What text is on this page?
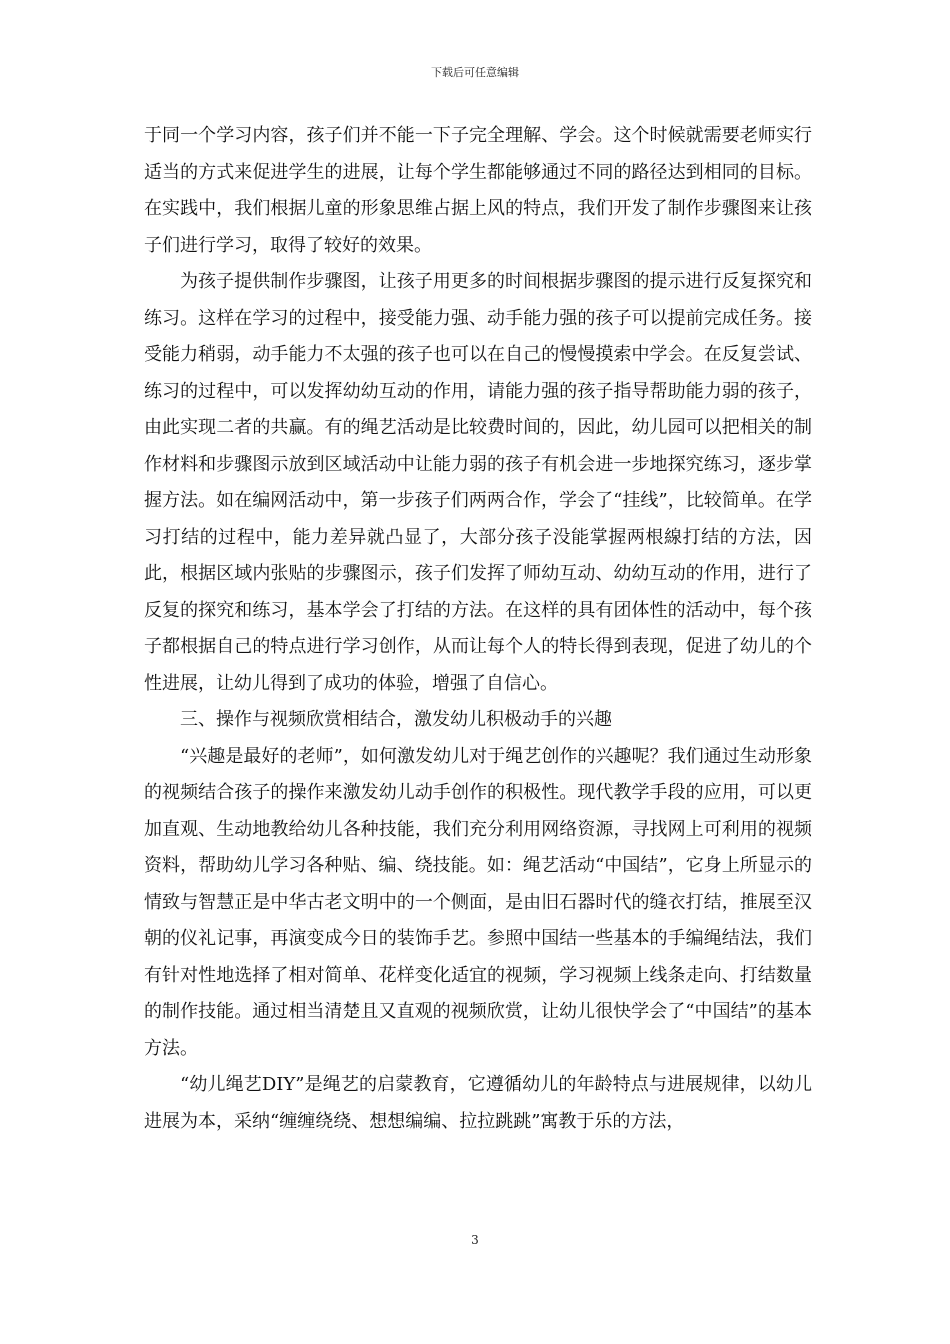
下载后可任意编辑

于同一个学习内容，孩子们并不能一下子完全理解、学会。这个时候就需要老师实行适当的方式来促进学生的进展，让每个学生都能够通过不同的路径达到相同的目标。在实践中，我们根据儿童的形象思维占据上风的特点，我们开发了制作步骤图来让孩子们进行学习，取得了较好的效果。

为孩子提供制作步骤图，让孩子用更多的时间根据步骤图的提示进行反复探究和练习。这样在学习的过程中，接受能力强、动手能力强的孩子可以提前完成任务。接受能力稍弱，动手能力不太强的孩子也可以在自己的慢慢摸索中学会。在反复尝试、练习的过程中，可以发挥幼幼互动的作用，请能力强的孩子指导帮助能力弱的孩子，由此实现二者的共赢。有的绳艺活动是比较费时间的，因此，幼儿园可以把相关的制作材料和步骤图示放到区域活动中让能力弱的孩子有机会进一步地探究练习，逐步掌握方法。如在编网活动中，第一步孩子们两两合作，学会了“挂线”，比较简单。在学习打结的过程中，能力差异就凸显了，大部分孩子没能掌握两根線打结的方法，因此，根据区域内张贴的步骤图示，孩子们发挥了师幼互动、幼幼互动的作用，进行了反复的探究和练习，基本学会了打结的方法。在这样的具有团体性的活动中，每个孩子都根据自己的特点进行学习创作，从而让每个人的特长得到表现，促进了幼儿的个性进展，让幼儿得到了成功的体验，增强了自信心。

三、操作与视频欣赏相结合，激发幼儿积极动手的兴趣

“兴趣是最好的老师”，如何激发幼儿对于绳艺创作的兴趣呢？我们通过生动形象的视频结合孩子的操作来激发幼儿动手创作的积极性。现代教学手段的应用，可以更加直观、生动地教给幼儿各种技能，我们充分利用网络资源，寻找网上可利用的视频资料，帮助幼儿学习各种贴、编、绕技能。如：绳艺活动“中国结”，它身上所显示的情致与智慧正是中华古老文明中的一个侧面，是由旧石器时代的缝衣打结，推展至汉朝的仪礼记事，再演变成今日的装饰手艺。参照中国结一些基本的手编绳结法，我们有针对性地选择了相对简单、花样变化适宜的视频，学习视频上线条走向、打结数量的制作技能。通过相当清楚且又直观的视频欣赏，让幼儿很快学会了“中国结”的基本方法。

“幼儿绳艺DIY”是绳艺的启蒙教育，它遵循幼儿的年龄特点与进展规律，以幼儿进展为本，采纳“缠缠绕绕、想想编编、拉拉跳跳”寓教于乐的方法，

3
